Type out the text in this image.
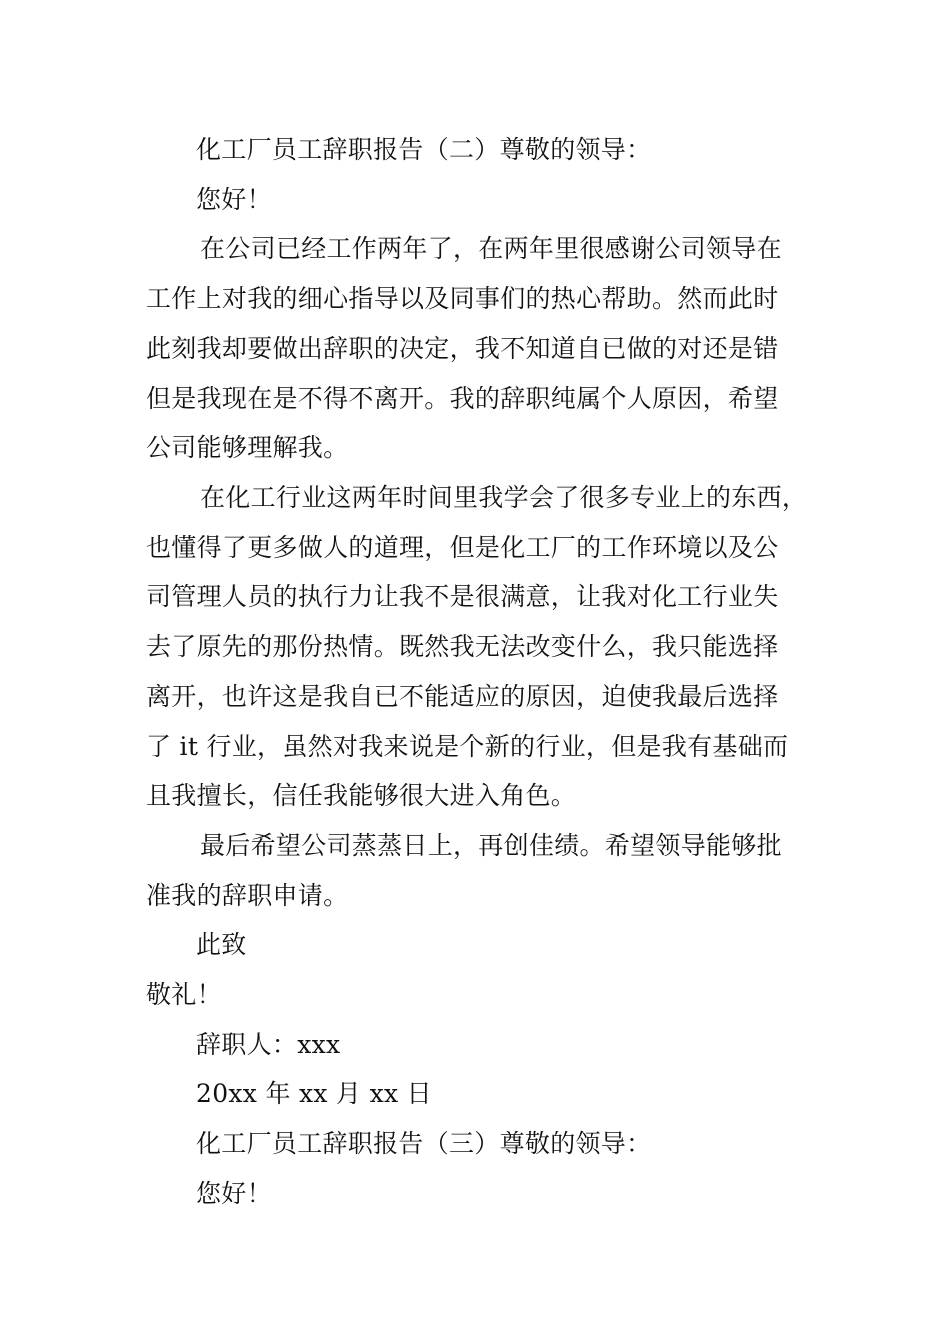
化工厂员工辞职报告（二）尊敬的领导：
您好！
在公司已经工作两年了，在两年里很感谢公司领导在
工作上对我的细心指导以及同事们的热心帮助。然而此时
此刻我却要做出辞职的决定，我不知道自已做的对还是错
但是我现在是不得不离开。我的辞职纯属个人原因，希望
公司能够理解我。
在化工行业这两年时间里我学会了很多专业上的东西，
也懂得了更多做人的道理，但是化工厂的工作环境以及公
司管理人员的执行力让我不是很满意，让我对化工行业失
去了原先的那份热情。既然我无法改变什么，我只能选择
离开，也许这是我自已不能适应的原因，迫使我最后选择
了 it 行业，虽然对我来说是个新的行业，但是我有基础而
且我擅长，信任我能够很大进入角色。
最后希望公司蒸蒸日上，再创佳绩。希望领导能够批
准我的辞职申请。
此致
敬礼！
辞职人：xxx
20xx 年 xx 月 xx 日
化工厂员工辞职报告（三）尊敬的领导：
您好！
